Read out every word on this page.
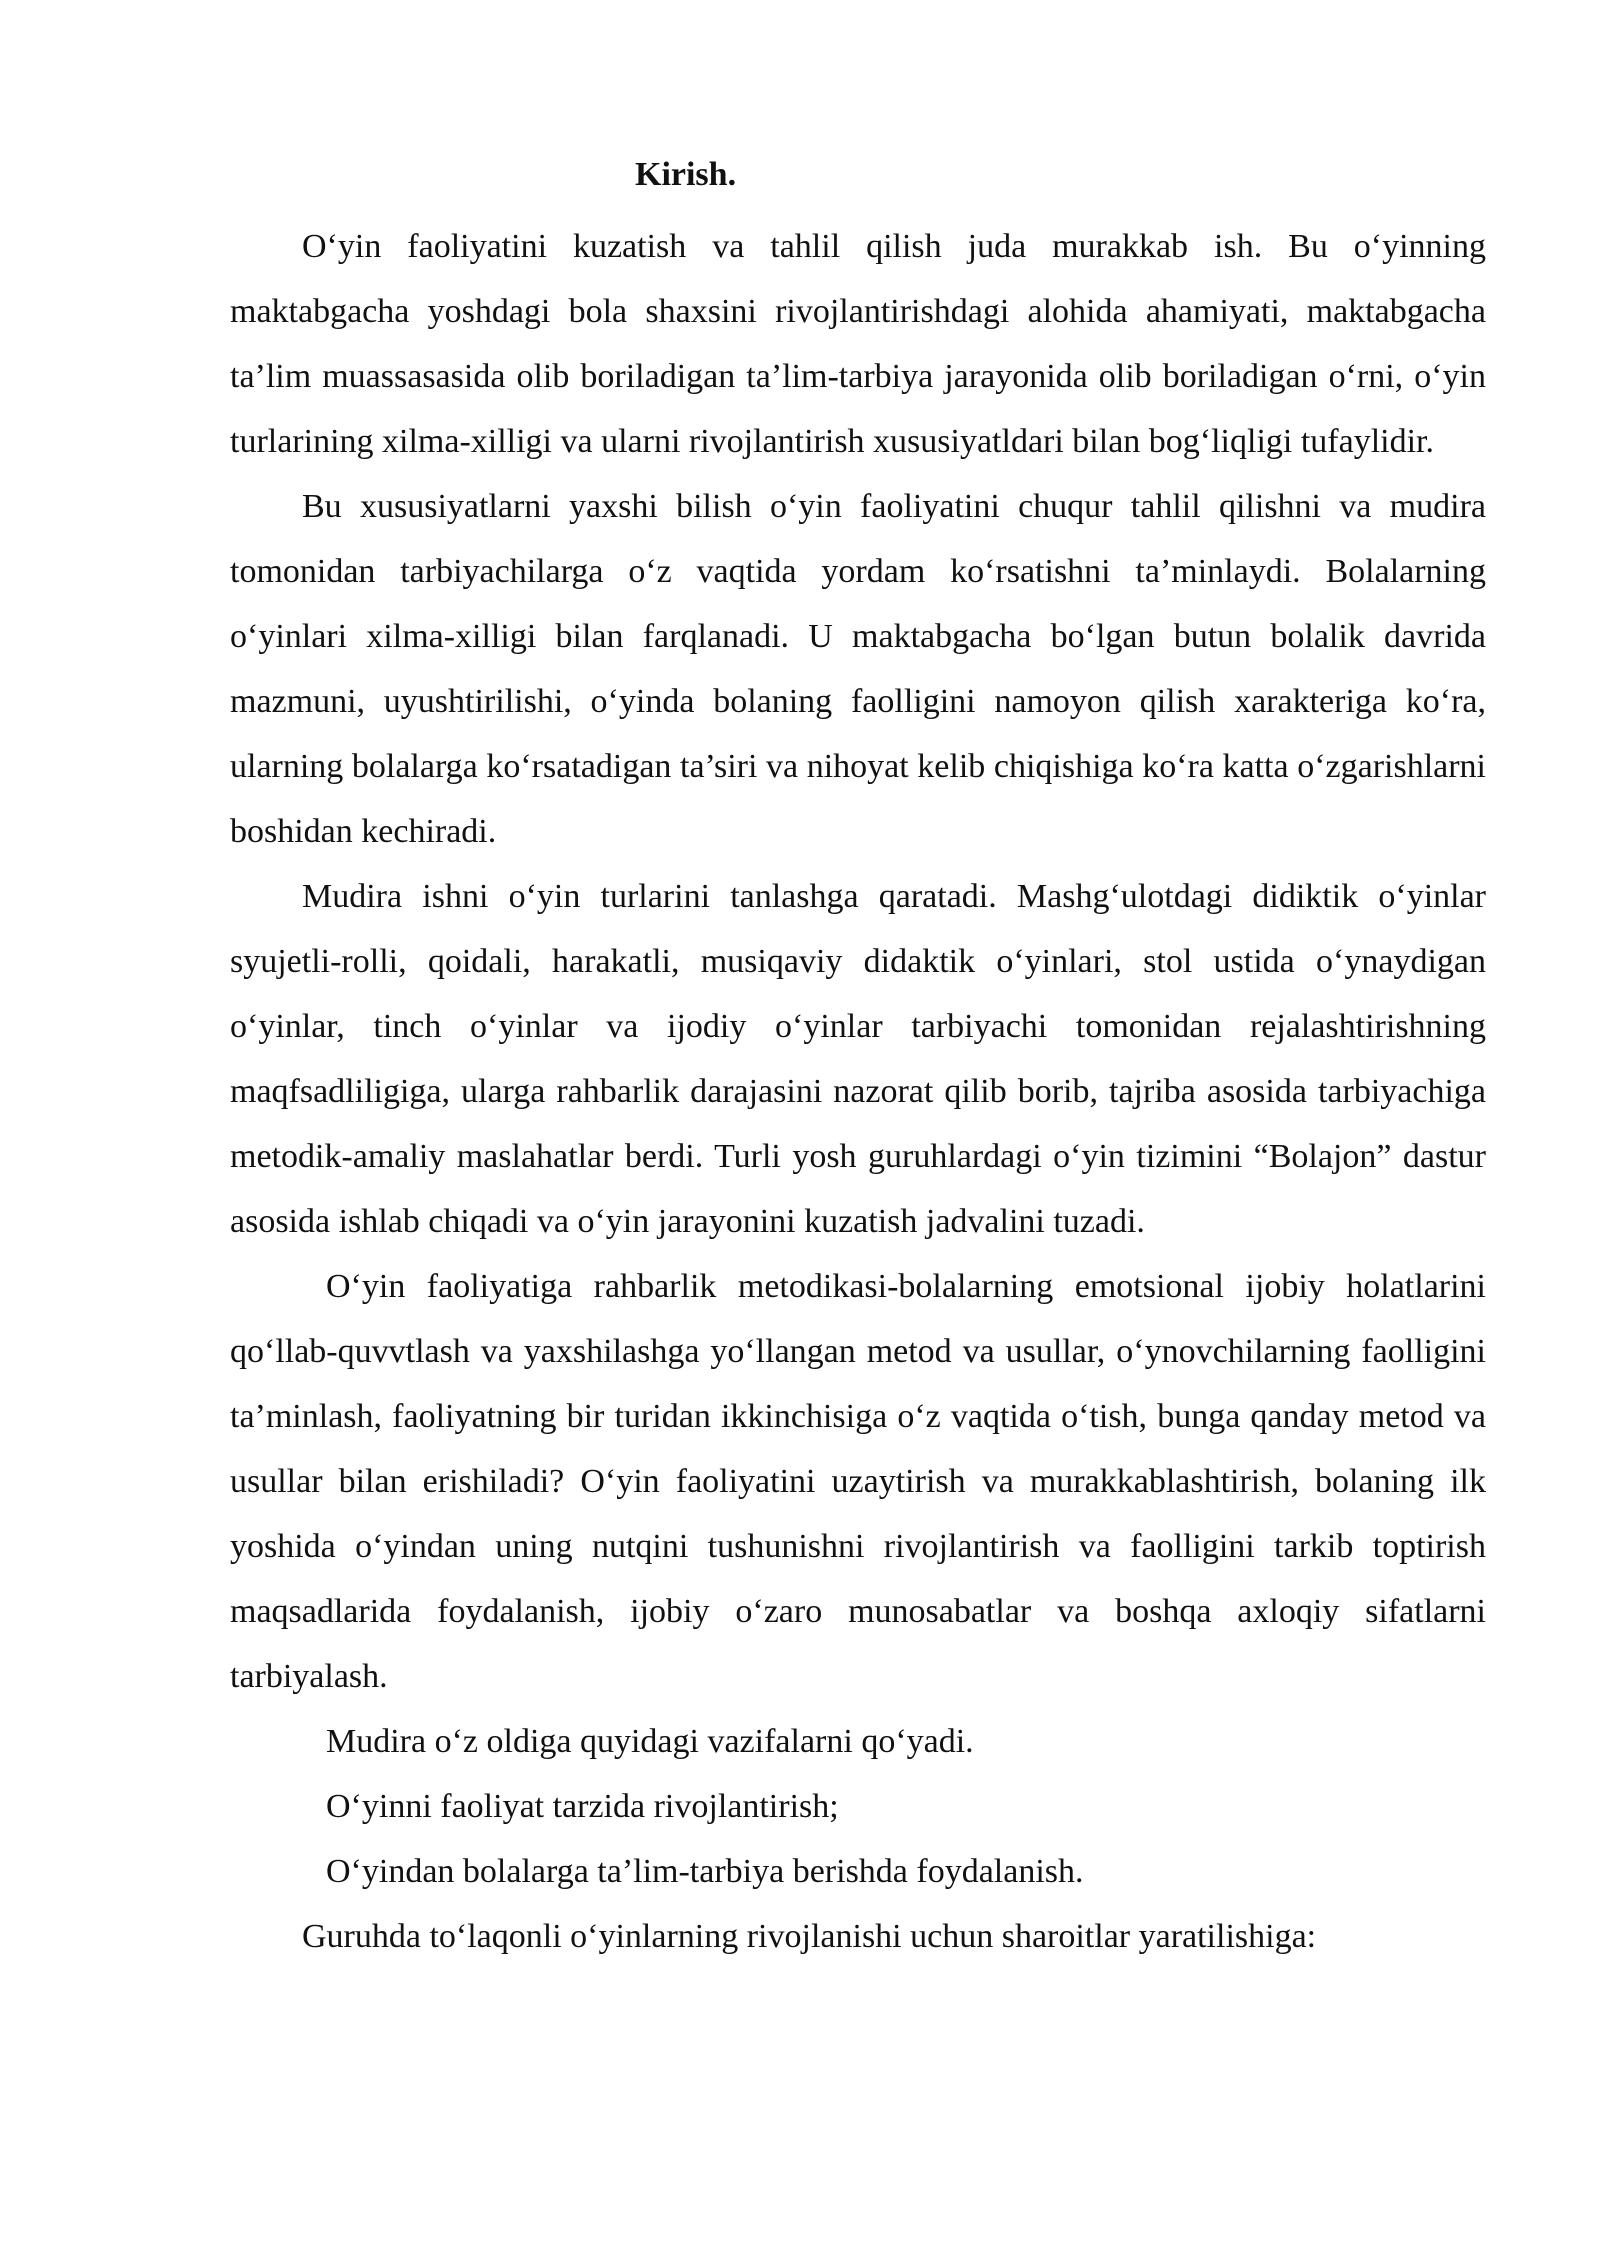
Kirish.

O‘yin faoliyatini kuzatish va tahlil qilish juda murakkab ish. Bu o‘yinning maktabgacha yoshdagi bola shaxsini rivojlantirishdagi alohida ahamiyati, maktabgacha ta’lim muassasasida olib boriladigan ta’lim-tarbiya jarayonida olib boriladigan o‘rni, o‘yin turlarining xilma-xilligi va ularni rivojlantirish xususiyatldari bilan bog‘liqligi tufaylidir.

Bu xususiyatlarni yaxshi bilish o‘yin faoliyatini chuqur tahlil qilishni va mudira tomonidan tarbiyachilarga o‘z vaqtida yordam ko‘rsatishni ta’minlaydi. Bolalarning o‘yinlari xilma-xilligi bilan farqlanadi. U maktabgacha bo‘lgan butun bolalik davrida mazmuni, uyushtirilishi, o‘yinda bolaning faolligini namoyon qilish xarakteriga ko‘ra, ularning bolalarga ko‘rsatadigan ta’siri va nihoyat kelib chiqishiga ko‘ra katta o‘zgarishlarni boshidan kechiradi.

Mudira ishni o‘yin turlarini tanlashga qaratadi. Mashg‘ulotdagi didiktik o‘yinlar syujetli-rolli, qoidali, harakatli, musiqaviy didaktik o‘yinlari, stol ustida o‘ynaydigan o‘yinlar, tinch o‘yinlar va ijodiy o‘yinlar tarbiyachi tomonidan rejalashtirishning maqfsadliligiga, ularga rahbarlik darajasini nazorat qilib borib, tajriba asosida tarbiyachiga metodik-amaliy maslahatlar berdi. Turli yosh guruhlardagi o‘yin tizimini “Bolajon” dastur asosida ishlab chiqadi va o‘yin jarayonini kuzatish jadvalini tuzadi.

O‘yin faoliyatiga rahbarlik metodikasi-bolalarning emotsional ijobiy holatlarini qo‘llab-quvvtlash va yaxshilashga yo‘llangan metod va usullar, o‘ynovchilarning faolligini ta’minlash, faoliyatning bir turidan ikkinchisiga o‘z vaqtida o‘tish, bunga qanday metod va usullar bilan erishiladi? O‘yin faoliyatini uzaytirish va murakkablashtirish, bolaning ilk yoshida o‘yindan uning nutqini tushunishni rivojlantirish va faolligini tarkib toptirish maqsadlarida foydalanish, ijobiy o‘zaro munosabatlar va boshqa axloqiy sifatlarni tarbiyalash.

Mudira o‘z oldiga quyidagi vazifalarni qo‘yadi.
O‘yinni faoliyat tarzida rivojlantirish;
O‘yindan bolalarga ta’lim-tarbiya berishda foydalanish.
Guruhda to‘laqonli o‘yinlarning rivojlanishi uchun sharoitlar yaratilishiga:
